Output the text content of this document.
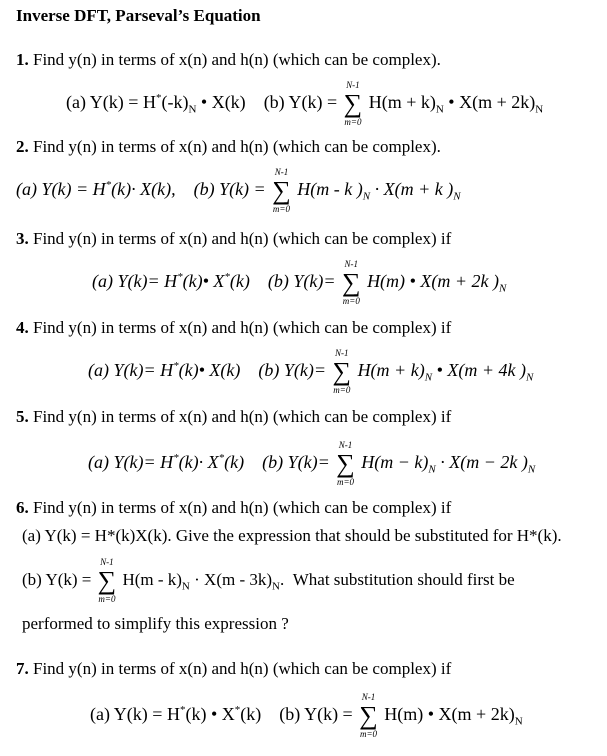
Inverse DFT, Parseval’s Equation
1. Find y(n) in terms of x(n) and h(n) (which can be complex).
(a) $Y(k) = H^*(-k)_N$ • X(k) (b) Y(k) =
N-1
∑
m=0
$H(m + k)_N$ • $X(m + 2k)_N$
2. Find y(n) in terms of x(n) and h(n) (which can be complex).
(a) Y(k) = H*(k)· X(k), (b) Y(k) =
N-1
∑
m=0
H(m - k )$_N \cdot X(m + k$ )$_N$
3. Find y(n) in terms of x(n) and h(n) (which can be complex) if
(a) Y(k)= H*(k)• X*(k) (b) Y(k)=
N-1
∑
m=0
H(m) • X(m + 2k )$_N$
4. Find y(n) in terms of x(n) and h(n) (which can be complex) if
(a) Y(k)= H*(k)• X(k) (b) Y(k)=
N-1
∑
m=0
$H(m + k)_N$ • X(m + 4k )$_N$
5. Find y(n) in terms of x(n) and h(n) (which can be complex) if
(a) Y(k)= H*(k)· X*(k) (b) Y(k)=
N-1
∑
m=0
$H(m - k)_N \cdot X(m - 2k$ )$_N$
6. Find y(n) in terms of x(n) and h(n) (which can be complex) if
(a) Y(k) = H*(k)X(k). Give the expression that should be substituted for H*(k).
(b) Y(k) =
N-1
∑
m=0
$H(m - k)_N \cdot X(m - 3k)_N$. What substitution should first be
performed to simplify this expression ?
7. Find y(n) in terms of x(n) and h(n) (which can be complex) if
(a) Y(k) = H*(k) • X*(k) (b) Y(k) =
N-1
∑
m=0
H(m) • $X(m + 2k)_N$
